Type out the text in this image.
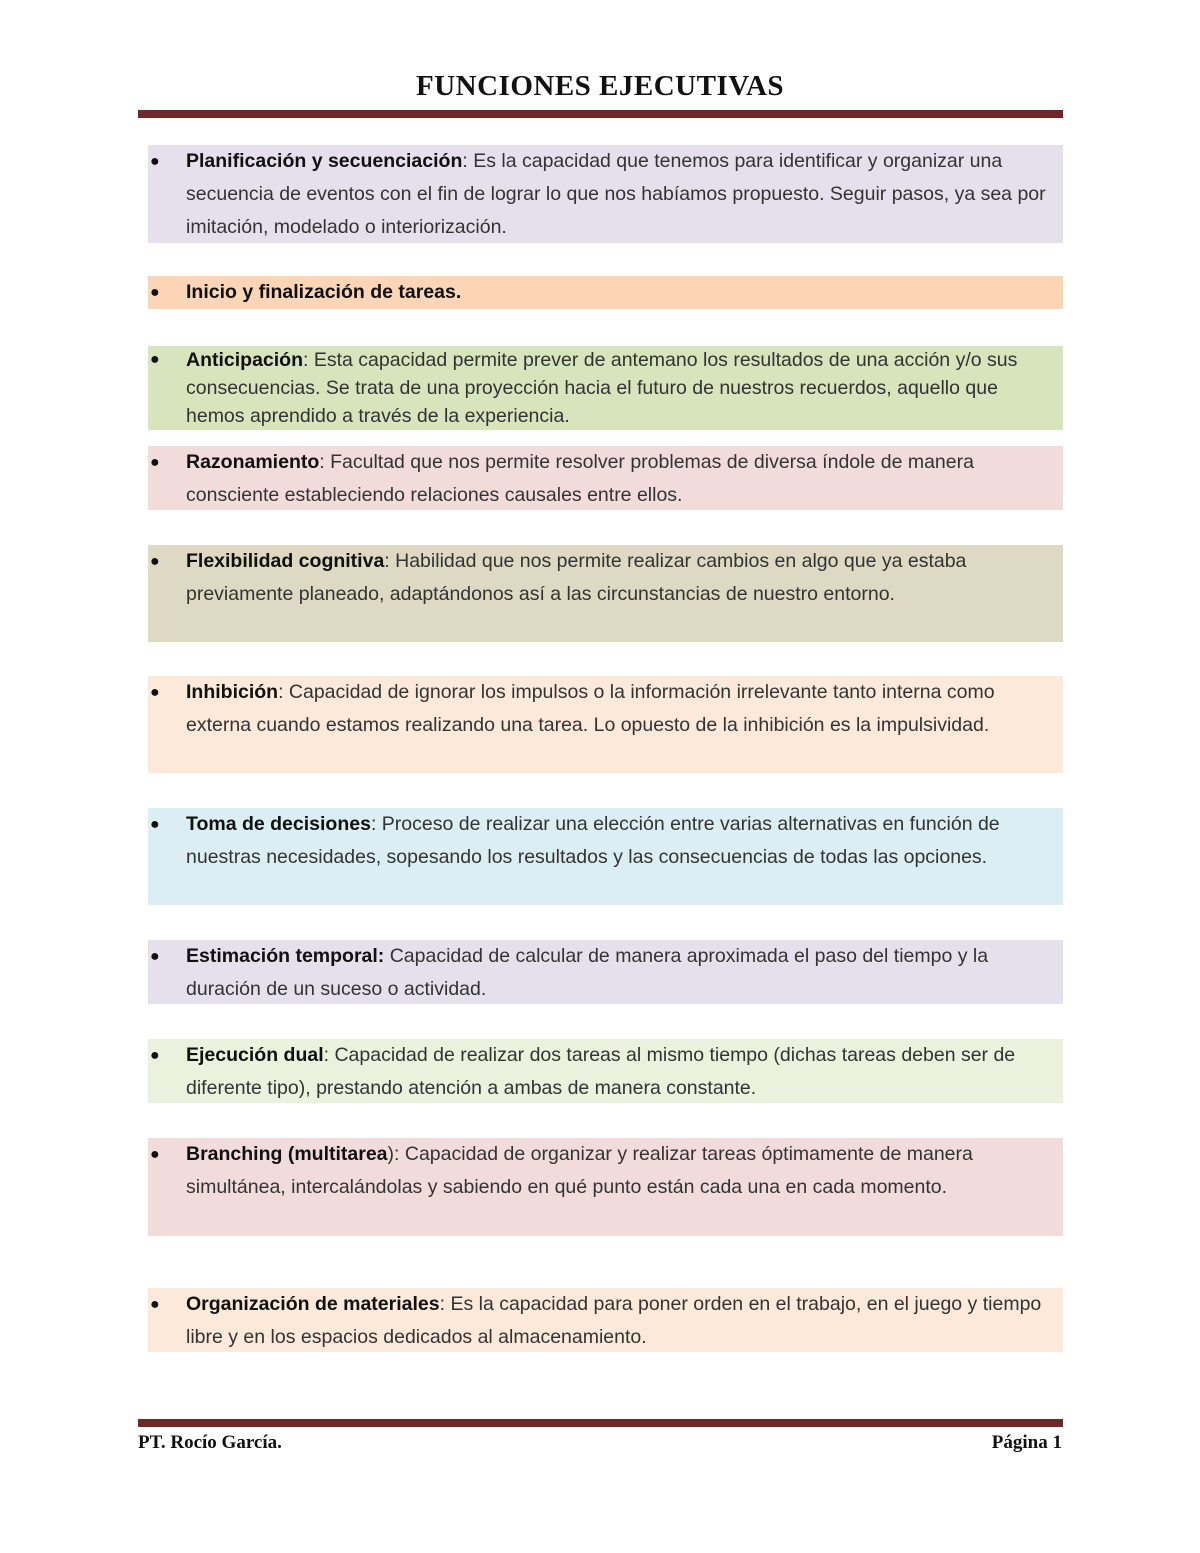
FUNCIONES EJECUTIVAS
● Planificación y secuenciación: Es la capacidad que tenemos para identificar y organizar una secuencia de eventos con el fin de lograr lo que nos habíamos propuesto. Seguir pasos, ya sea por imitación, modelado o interiorización.
● Inicio y finalización de tareas.
● Anticipación: Esta capacidad permite prever de antemano los resultados de una acción y/o sus consecuencias. Se trata de una proyección hacia el futuro de nuestros recuerdos, aquello que hemos aprendido a través de la experiencia.
● Razonamiento: Facultad que nos permite resolver problemas de diversa índole de manera consciente estableciendo relaciones causales entre ellos.
● Flexibilidad cognitiva: Habilidad que nos permite realizar cambios en algo que ya estaba previamente planeado, adaptándonos así a las circunstancias de nuestro entorno.
● Inhibición: Capacidad de ignorar los impulsos o la información irrelevante tanto interna como externa cuando estamos realizando una tarea. Lo opuesto de la inhibición es la impulsividad.
● Toma de decisiones: Proceso de realizar una elección entre varias alternativas en función de nuestras necesidades, sopesando los resultados y las consecuencias de todas las opciones.
● Estimación temporal: Capacidad de calcular de manera aproximada el paso del tiempo y la duración de un suceso o actividad.
● Ejecución dual: Capacidad de realizar dos tareas al mismo tiempo (dichas tareas deben ser de diferente tipo), prestando atención a ambas de manera constante.
● Branching (multitarea): Capacidad de organizar y realizar tareas óptimamente de manera simultánea, intercalándolas y sabiendo en qué punto están cada una en cada momento.
● Organización de materiales: Es la capacidad para poner orden en el trabajo, en el juego y tiempo libre y en los espacios dedicados al almacenamiento.
PT. Rocío García.	Página 1
